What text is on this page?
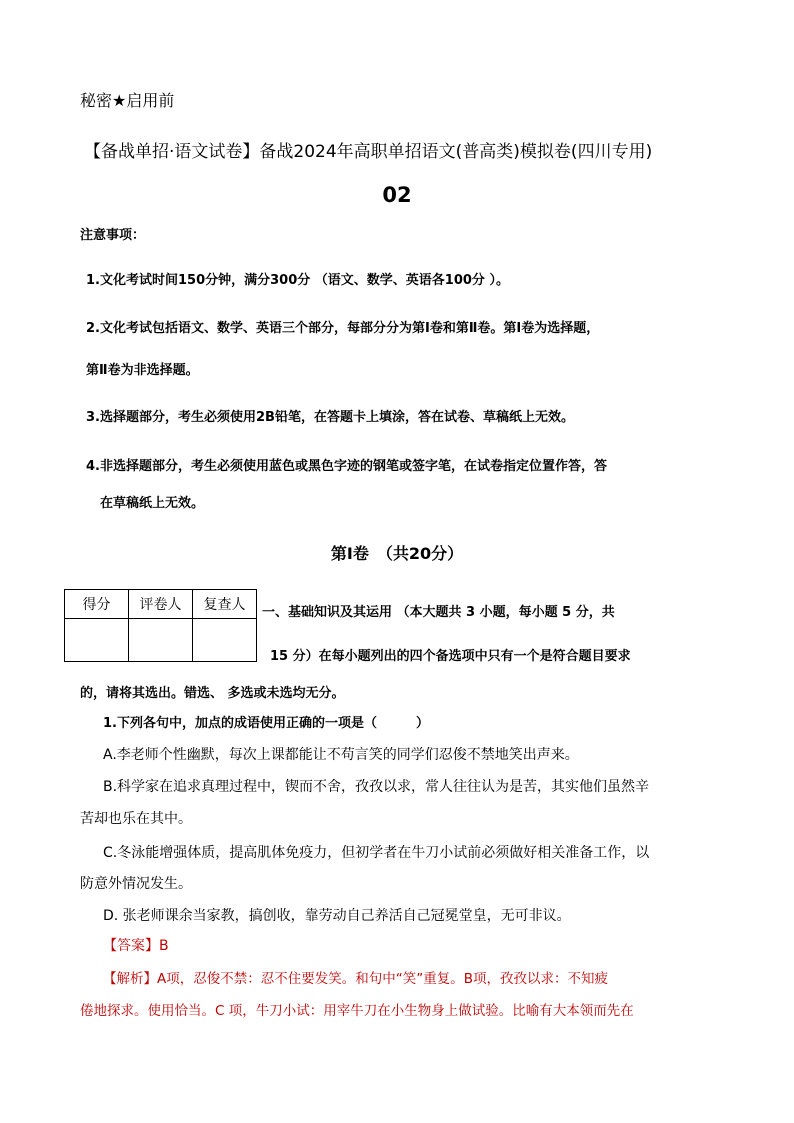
秘密★启用前
【备战单招·语文试卷】备战2024年高职单招语文(普高类)模拟卷(四川专用)
02
注意事项：
1.文化考试时间150分钟，满分300分 （语文、数学、英语各100分 ）。
2.文化考试包括语文、数学、英语三个部分，每部分分为第Ⅰ卷和第Ⅱ卷。第Ⅰ卷为选择题，
第Ⅱ卷为非选择题。
3.选择题部分，考生必须使用2B铅笔，在答题卡上填涂，答在试卷、草稿纸上无效。
4.非选择题部分，考生必须使用蓝色或黑色字迹的钢笔或签字笔，在试卷指定位置作答，答
在草稿纸上无效。
第Ⅰ卷　（共20分）
得分	评卷人	复查人
		一、基础知识及其运用 （本大题共 3 小题，每小题 5 分，共
15 分）在每小题列出的四个备选项中只有一个是符合题目要求
的，请将其选出。错选、 多选或未选均无分。
1.下列各句中，加点的成语使用正确的一项是（　　　）
A.李老师个性幽默，每次上课都能让不苟言笑的同学们忍俊不禁地笑出声来。
B.科学家在追求真理过程中，锲而不舍，孜孜以求，常人往往认为是苦，其实他们虽然辛
苦却也乐在其中。
C.冬泳能增强体质，提高肌体免疫力，但初学者在牛刀小试前必须做好相关准备工作，以
防意外情况发生。
D. 张老师课余当家教，搞创收，靠劳动自己养活自己冠冕堂皇，无可非议。
【答案】B
【解析】A项，忍俊不禁：忍不住要发笑。和句中“笑”重复。B项，孜孜以求：不知疲
倦地探求。使用恰当。C 项，牛刀小试：用宰牛刀在小生物身上做试验。比喻有大本领而先在
